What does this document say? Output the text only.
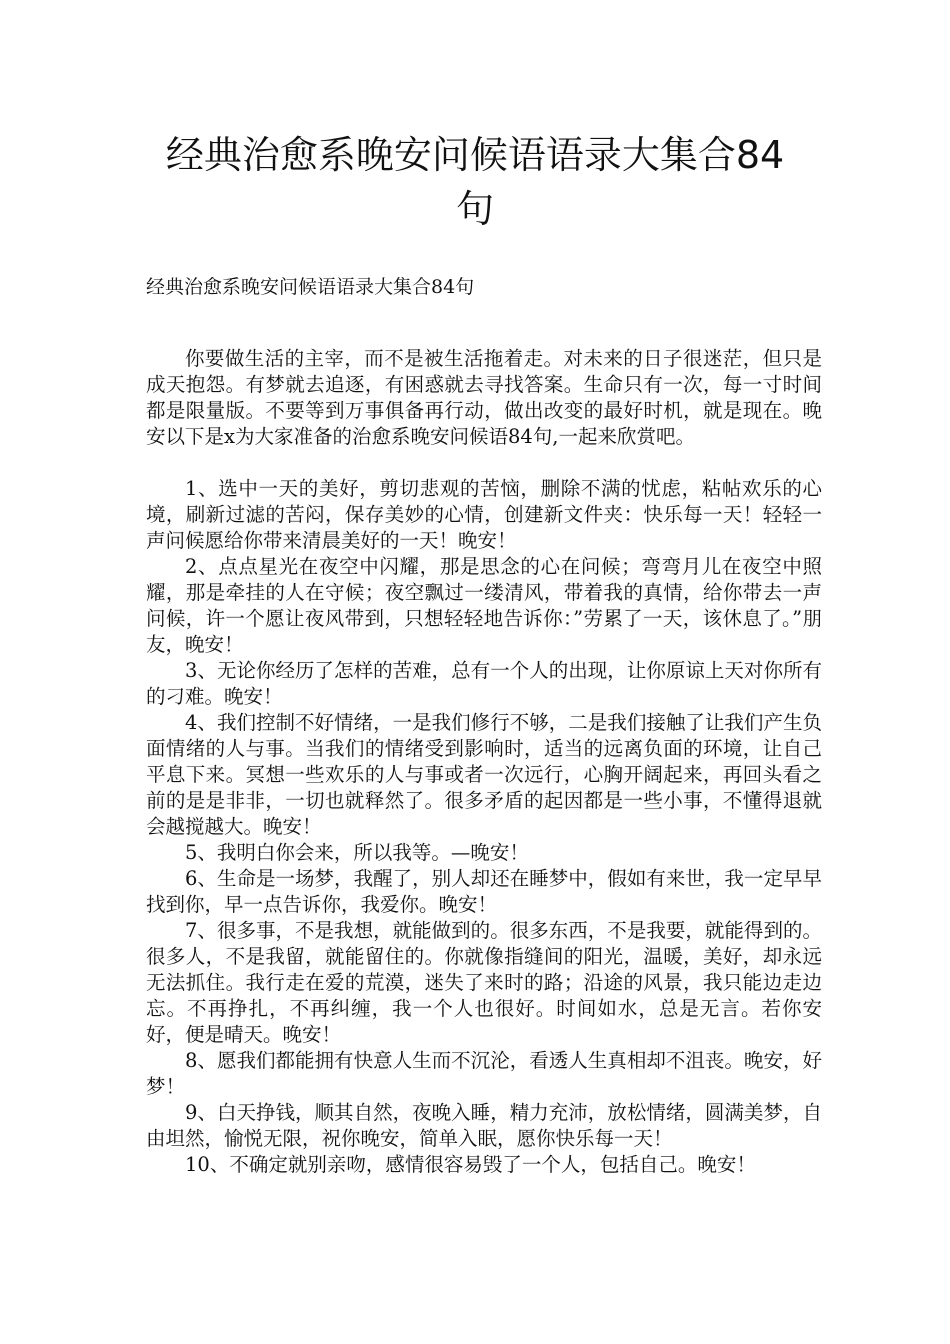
经典治愈系晚安问候语语录大集合84句

经典治愈系晚安问候语语录大集合84句

你要做生活的主宰，而不是被生活拖着走。对未来的日子很迷茫，但只是成天抱怨。有梦就去追逐，有困惑就去寻找答案。生命只有一次，每一寸时间都是限量版。不要等到万事俱备再行动，做出改变的最好时机，就是现在。晚安以下是x为大家准备的治愈系晚安问候语84句,一起来欣赏吧。

1、选中一天的美好，剪切悲观的苦恼，删除不满的忧虑，粘帖欢乐的心境，刷新过滤的苦闷，保存美妙的心情，创建新文件夹：快乐每一天！轻轻一声问候愿给你带来清晨美好的一天！晚安！

2、点点星光在夜空中闪耀，那是思念的心在问候；弯弯月儿在夜空中照耀，那是牵挂的人在守候；夜空飘过一缕清风，带着我的真情，给你带去一声问候，许一个愿让夜风带到，只想轻轻地告诉你：”劳累了一天，该休息了。”朋友，晚安！

3、无论你经历了怎样的苦难，总有一个人的出现，让你原谅上天对你所有的刁难。晚安！

4、我们控制不好情绪，一是我们修行不够，二是我们接触了让我们产生负面情绪的人与事。当我们的情绪受到影响时，适当的远离负面的环境，让自己平息下来。冥想一些欢乐的人与事或者一次远行，心胸开阔起来，再回头看之前的是是非非，一切也就释然了。很多矛盾的起因都是一些小事，不懂得退就会越搅越大。晚安！

5、我明白你会来，所以我等。—晚安！

6、生命是一场梦，我醒了，别人却还在睡梦中，假如有来世，我一定早早找到你，早一点告诉你，我爱你。晚安！

7、很多事，不是我想，就能做到的。很多东西，不是我要，就能得到的。很多人，不是我留，就能留住的。你就像指缝间的阳光，温暖，美好，却永远无法抓住。我行走在爱的荒漠，迷失了来时的路；沿途的风景，我只能边走边忘。不再挣扎，不再纠缠，我一个人也很好。时间如水，总是无言。若你安好，便是晴天。晚安！

8、愿我们都能拥有快意人生而不沉沦，看透人生真相却不沮丧。晚安，好梦！

9、白天挣钱，顺其自然，夜晚入睡，精力充沛，放松情绪，圆满美梦，自由坦然，愉悦无限，祝你晚安，简单入眠，愿你快乐每一天！

10、不确定就别亲吻，感情很容易毁了一个人，包括自己。晚安！
